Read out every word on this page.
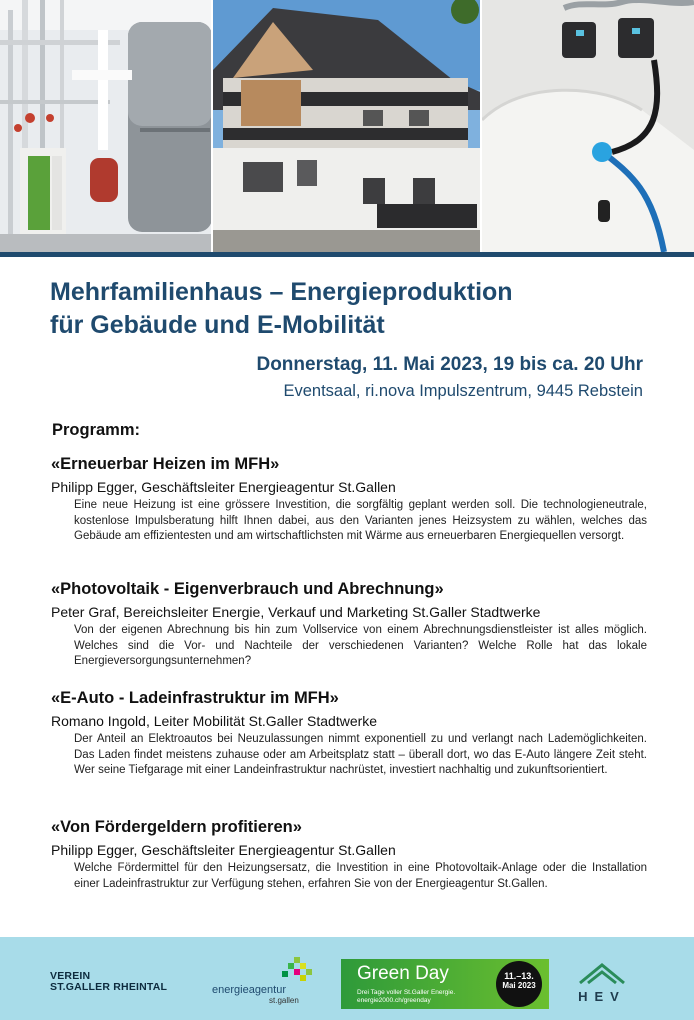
Mehrfamilienhaus – Energieproduktion
für Gebäude und E-Mobilität

Donnerstag, 11. Mai 2023, 19 bis ca. 20 Uhr

Eventsaal, ri.nova Impulszentrum, 9445 Rebstein

Programm:

«Erneuerbar Heizen im MFH»

Philipp Egger, Geschäftsleiter Energieagentur St.Gallen

Eine neue Heizung ist eine grössere Investition, die sorgfältig geplant werden soll. Die technologieneutrale, kostenlose Impulsberatung hilft Ihnen dabei, aus den Varianten jenes Heizsystem zu wählen, welches das Gebäude am effizientesten und am wirtschaftlichsten mit Wärme aus erneuerbaren Energiequellen versorgt.

«Photovoltaik - Eigenverbrauch und Abrechnung»

Peter Graf, Bereichsleiter Energie, Verkauf und Marketing St.Galler Stadtwerke

Von der eigenen Abrechnung bis hin zum Vollservice von einem Abrechnungsdienstleister ist alles möglich. Welches sind die Vor- und Nachteile der verschiedenen Varianten? Welche Rolle hat das lokale Energieversorgungsunternehmen?

«E-Auto - Ladeinfrastruktur im MFH»

Romano Ingold, Leiter Mobilität St.Galler Stadtwerke

Der Anteil an Elektroautos bei Neuzulassungen nimmt exponentiell zu und verlangt nach Lademöglichkeiten. Das Laden findet meistens zuhause oder am Arbeitsplatz statt – überall dort, wo das E-Auto längere Zeit steht. Wer seine Tiefgarage mit einer Landeinfrastruktur nachrüstet, investiert nachhaltig und zukunftsorientiert.

«Von Fördergeldern profitieren»

Philipp Egger, Geschäftsleiter Energieagentur St.Gallen

Welche Fördermittel für den Heizungsersatz, die Investition in eine Photovoltaik-Anlage oder die Installation einer Ladeinfrastruktur zur Verfügung stehen, erfahren Sie von der Energieagentur St.Gallen.

VEREIN
ST.GALLER RHEINTAL	energieagentur
st.gallen
Green Day
Drei Tage voller St.Galler Energie.
energie2000.ch/greenday
11.–13.
Mai 2023
HEV
